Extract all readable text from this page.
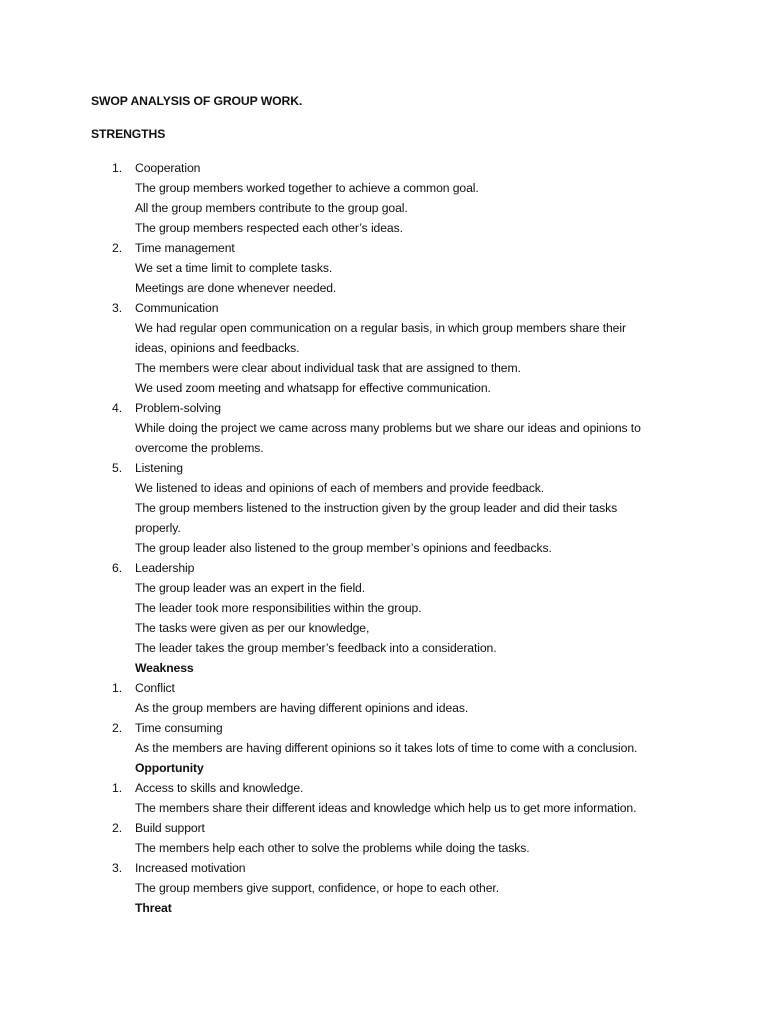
SWOP ANALYSIS OF GROUP WORK.
STRENGTHS
1. Cooperation
The group members worked together to achieve a common goal.
All the group members contribute to the group goal.
The group members respected each other’s ideas.
2. Time management
We set a time limit to complete tasks.
Meetings are done whenever needed.
3. Communication
We had regular open communication on a regular basis, in which group members share their
ideas, opinions and feedbacks.
The members were clear about individual task that are assigned to them.
We used zoom meeting and whatsapp for effective communication.
4. Problem-solving
While doing the project we came across many problems but we share our ideas and opinions to
overcome the problems.
5. Listening
We listened to ideas and opinions of each of members and provide feedback.
The group members listened to the instruction given by the group leader and did their tasks
properly.
The group leader also listened to the group member’s opinions and feedbacks.
6. Leadership
The group leader was an expert in the field.
The leader took more responsibilities within the group.
The tasks were given as per our knowledge,
The leader takes the group member’s feedback into a consideration.
Weakness
1. Conflict
As the group members are having different opinions and ideas.
2. Time consuming
As the members are having different opinions so it takes lots of time to come with a conclusion.
Opportunity
1. Access to skills and knowledge.
The members share their different ideas and knowledge which help us to get more information.
2. Build support
The members help each other to solve the problems while doing the tasks.
3. Increased motivation
The group members give support, confidence, or hope to each other.
Threat
